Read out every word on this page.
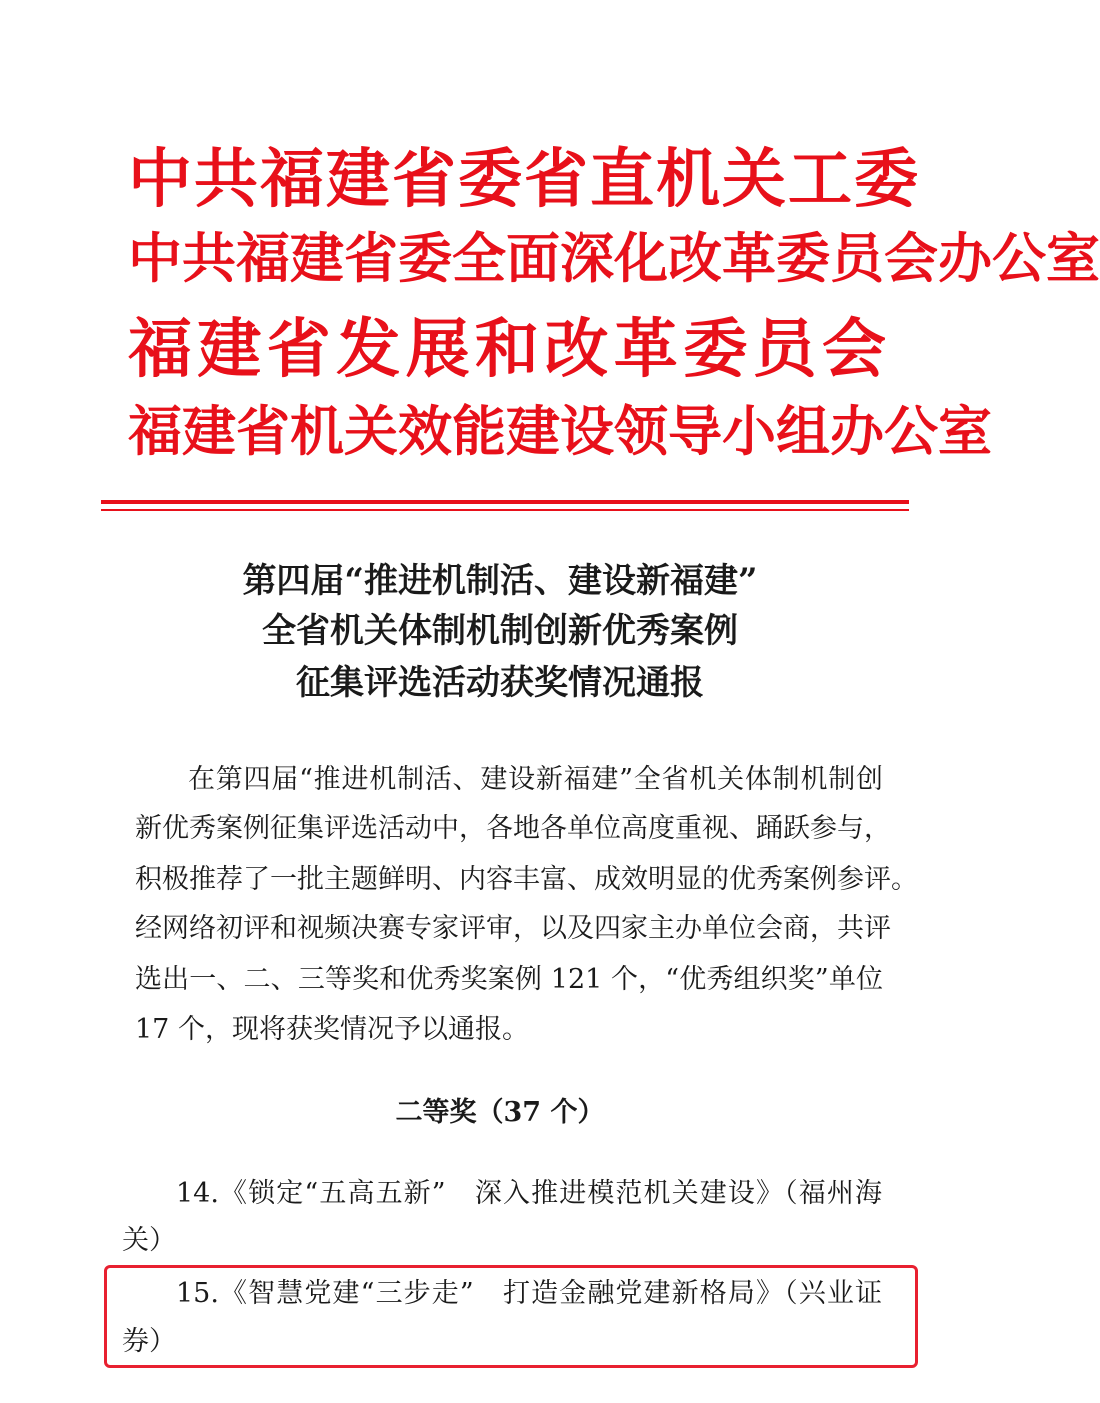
中共福建省委省直机关工委
中共福建省委全面深化改革委员会办公室
福建省发展和改革委员会
福建省机关效能建设领导小组办公室
第四届“推进机制活、建设新福建”
全省机关体制机制创新优秀案例
征集评选活动获奖情况通报
在第四届“推进机制活、建设新福建”全省机关体制机制创
新优秀案例征集评选活动中，各地各单位高度重视、踊跃参与，
积极推荐了一批主题鲜明、内容丰富、成效明显的优秀案例参评。
经网络初评和视频决赛专家评审，以及四家主办单位会商，共评
选出一、二、三等奖和优秀奖案例 121 个，“优秀组织奖”单位
17 个，现将获奖情况予以通报。
二等奖（37 个）
14.《锁定“五高五新”　深入推进模范机关建设》（福州海
关）
15.《智慧党建“三步走”　打造金融党建新格局》（兴业证
券）
